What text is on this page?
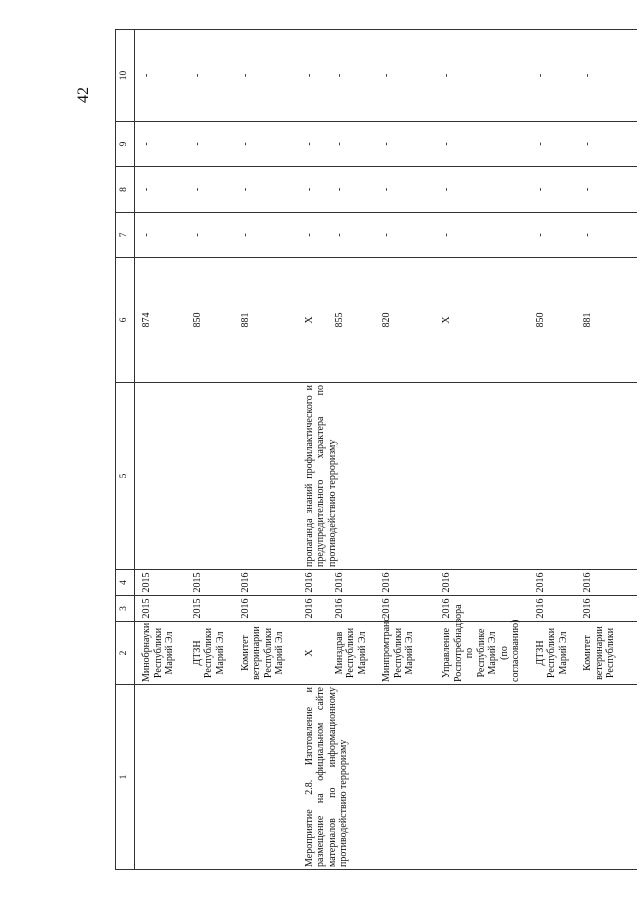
42
1	2	3	4	5	6	7	8	9	10
	Минобрнауки Республики Марий Эл	2015	2015		874	-	-	-	-
	ДТЗН Республики Марий Эл	2015	2015		850	-	-	-	-
	Комитет ветеринарии Республики Марий Эл	2016	2016		881	-	-	-	-
Мероприятие 2.8. Изготовление и размещение на официальном сайте материалов по информационному противодействию терроризму	Х	2016	2016	пропаганда знаний профилактического и предупредительного характера по противодействию терроризму	Х	-	-	-	-
	Минздрав Республики Марий Эл	2016	2016		855	-	-	-	-
	Минпромтранс Республики Марий Эл	2016	2016		820	-	-	-	-
	Управление Роспотребнадзора по Республике Марий Эл (по согласованию)	2016	2016		Х	-	-	-	-
	ДТЗН Республики Марий Эл	2016	2016		850	-	-	-	-
	Комитет ветеринарии Республики	2016	2016		881	-	-	-	-
